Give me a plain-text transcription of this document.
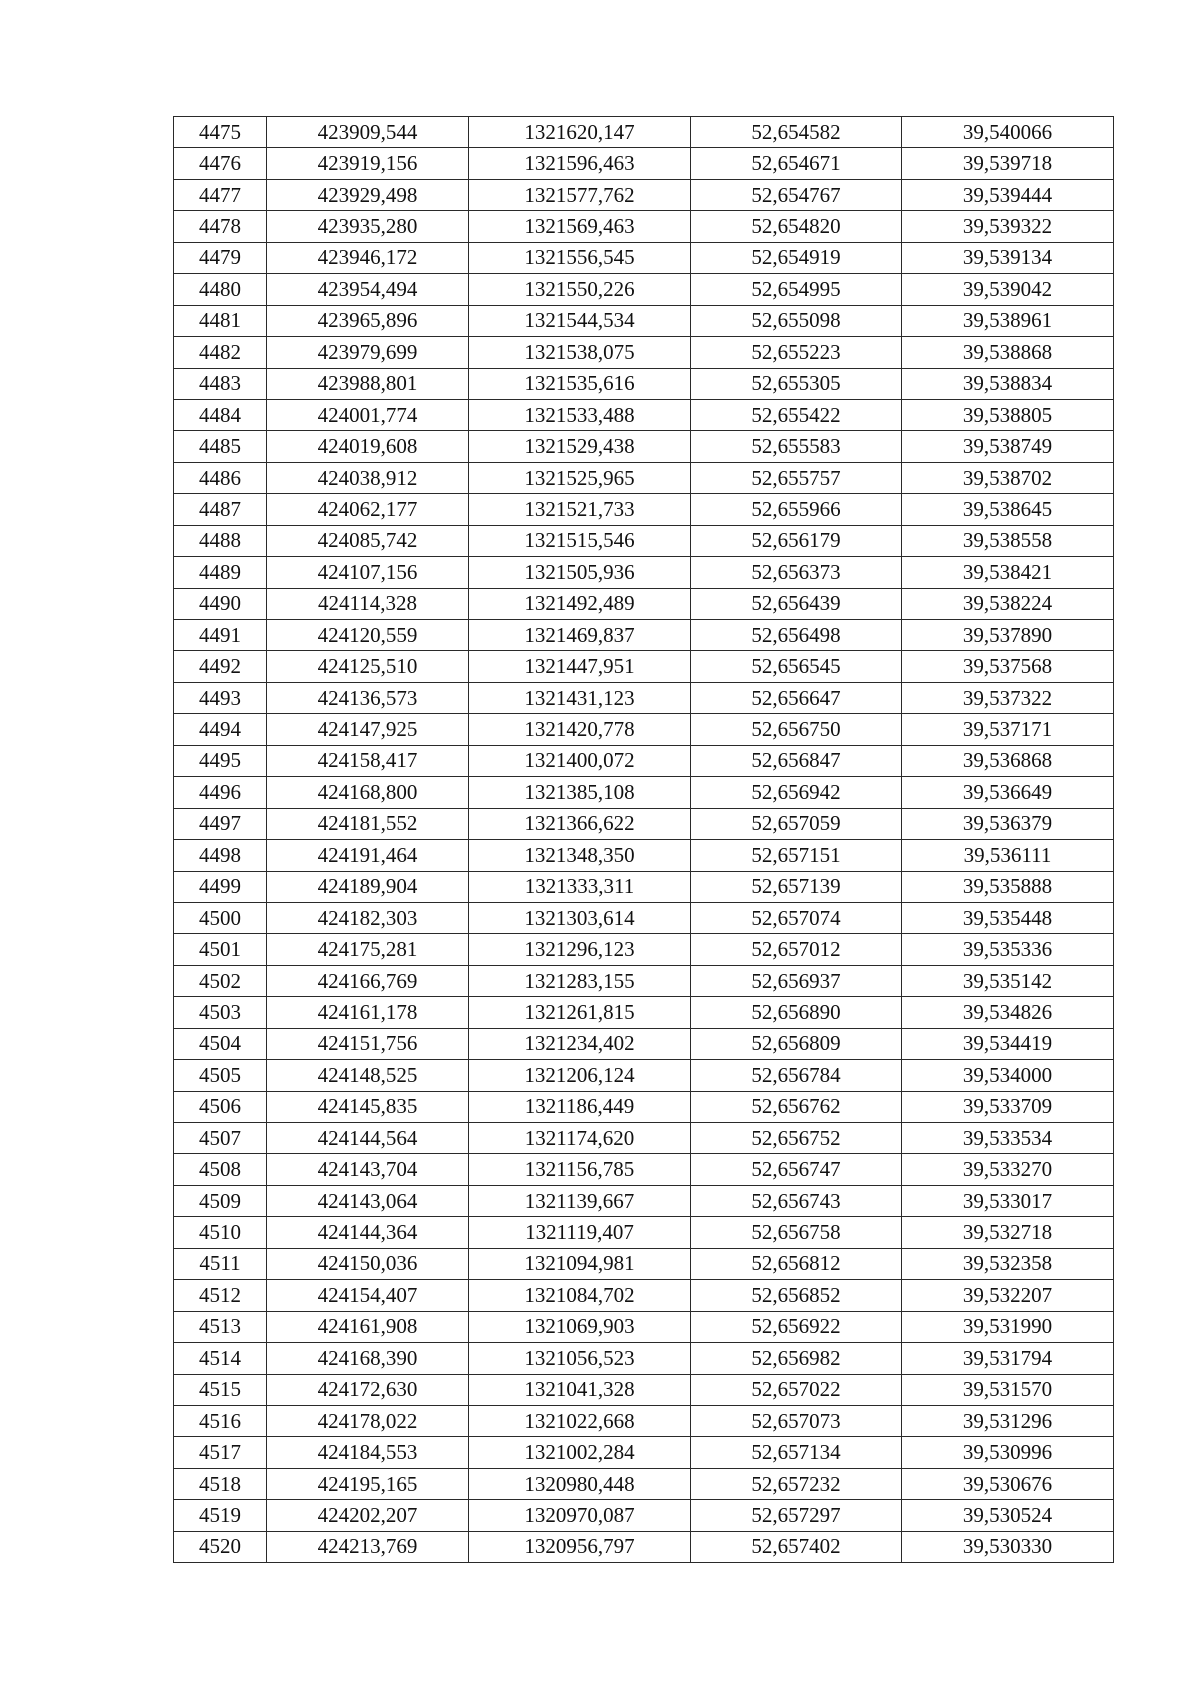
4475	423909,544	1321620,147	52,654582	39,540066
4476	423919,156	1321596,463	52,654671	39,539718
4477	423929,498	1321577,762	52,654767	39,539444
4478	423935,280	1321569,463	52,654820	39,539322
4479	423946,172	1321556,545	52,654919	39,539134
4480	423954,494	1321550,226	52,654995	39,539042
4481	423965,896	1321544,534	52,655098	39,538961
4482	423979,699	1321538,075	52,655223	39,538868
4483	423988,801	1321535,616	52,655305	39,538834
4484	424001,774	1321533,488	52,655422	39,538805
4485	424019,608	1321529,438	52,655583	39,538749
4486	424038,912	1321525,965	52,655757	39,538702
4487	424062,177	1321521,733	52,655966	39,538645
4488	424085,742	1321515,546	52,656179	39,538558
4489	424107,156	1321505,936	52,656373	39,538421
4490	424114,328	1321492,489	52,656439	39,538224
4491	424120,559	1321469,837	52,656498	39,537890
4492	424125,510	1321447,951	52,656545	39,537568
4493	424136,573	1321431,123	52,656647	39,537322
4494	424147,925	1321420,778	52,656750	39,537171
4495	424158,417	1321400,072	52,656847	39,536868
4496	424168,800	1321385,108	52,656942	39,536649
4497	424181,552	1321366,622	52,657059	39,536379
4498	424191,464	1321348,350	52,657151	39,536111
4499	424189,904	1321333,311	52,657139	39,535888
4500	424182,303	1321303,614	52,657074	39,535448
4501	424175,281	1321296,123	52,657012	39,535336
4502	424166,769	1321283,155	52,656937	39,535142
4503	424161,178	1321261,815	52,656890	39,534826
4504	424151,756	1321234,402	52,656809	39,534419
4505	424148,525	1321206,124	52,656784	39,534000
4506	424145,835	1321186,449	52,656762	39,533709
4507	424144,564	1321174,620	52,656752	39,533534
4508	424143,704	1321156,785	52,656747	39,533270
4509	424143,064	1321139,667	52,656743	39,533017
4510	424144,364	1321119,407	52,656758	39,532718
4511	424150,036	1321094,981	52,656812	39,532358
4512	424154,407	1321084,702	52,656852	39,532207
4513	424161,908	1321069,903	52,656922	39,531990
4514	424168,390	1321056,523	52,656982	39,531794
4515	424172,630	1321041,328	52,657022	39,531570
4516	424178,022	1321022,668	52,657073	39,531296
4517	424184,553	1321002,284	52,657134	39,530996
4518	424195,165	1320980,448	52,657232	39,530676
4519	424202,207	1320970,087	52,657297	39,530524
4520	424213,769	1320956,797	52,657402	39,530330
